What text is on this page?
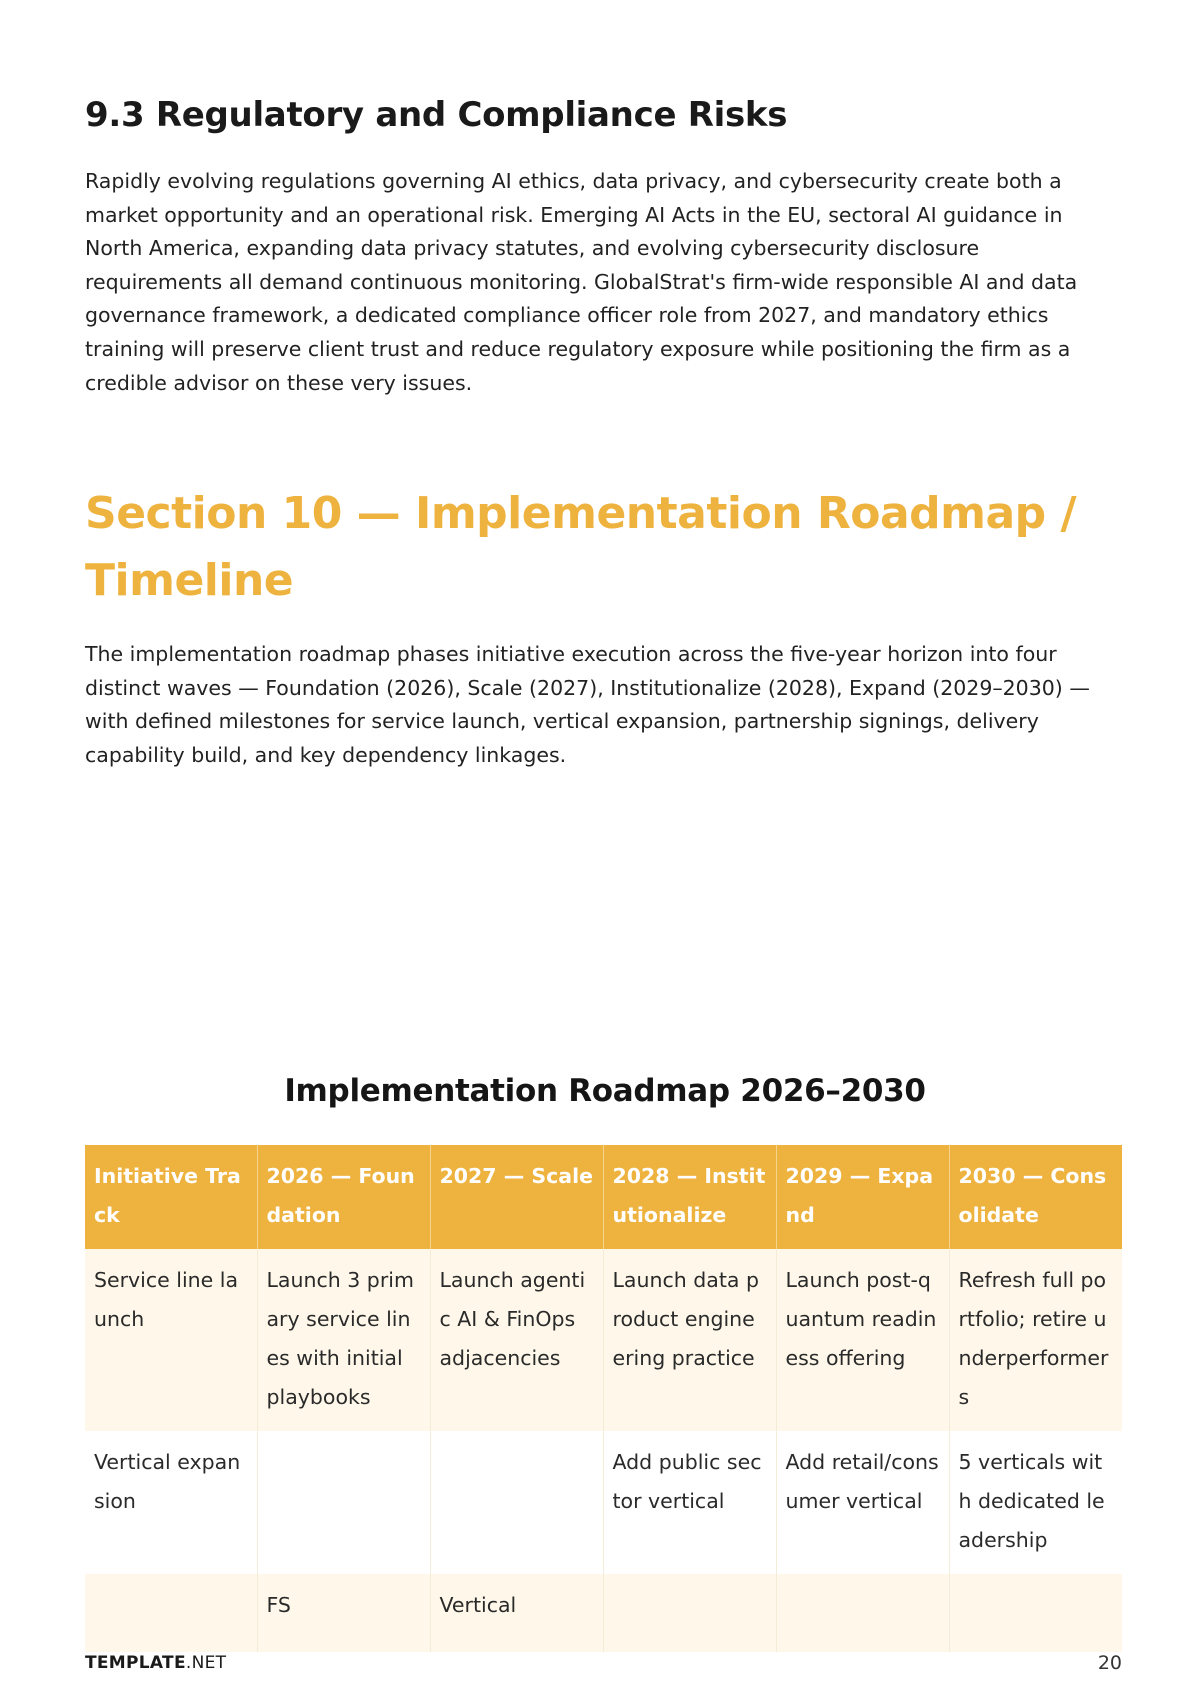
9.3 Regulatory and Compliance Risks

Rapidly evolving regulations governing AI ethics, data privacy, and cybersecurity create both a market opportunity and an operational risk. Emerging AI Acts in the EU, sectoral AI guidance in North America, expanding data privacy statutes, and evolving cybersecurity disclosure requirements all demand continuous monitoring. GlobalStrat's firm-wide responsible AI and data governance framework, a dedicated compliance officer role from 2027, and mandatory ethics training will preserve client trust and reduce regulatory exposure while positioning the firm as a credible advisor on these very issues.

Section 10 — Implementation Roadmap / Timeline

The implementation roadmap phases initiative execution across the five-year horizon into four distinct waves — Foundation (2026), Scale (2027), Institutionalize (2028), Expand (2029–2030) — with defined milestones for service launch, vertical expansion, partnership signings, delivery capability build, and key dependency linkages.

Implementation Roadmap 2026–2030
Initiative Track	2026 — Foundation	2027 — Scale	2028 — Institutionalize	2029 — Expand	2030 — Consolidate
Service line launch	Launch 3 primary service lines with initial playbooks	Launch agentic AI & FinOps adjacencies	Launch data product engineering practice	Launch post-quantum readiness offering	Refresh full portfolio; retire underperformers
Vertical expansion			Add public sector vertical	Add retail/consumer vertical	5 verticals with dedicated leadership
	FS	Vertical			
TEMPLATE.NET	20
